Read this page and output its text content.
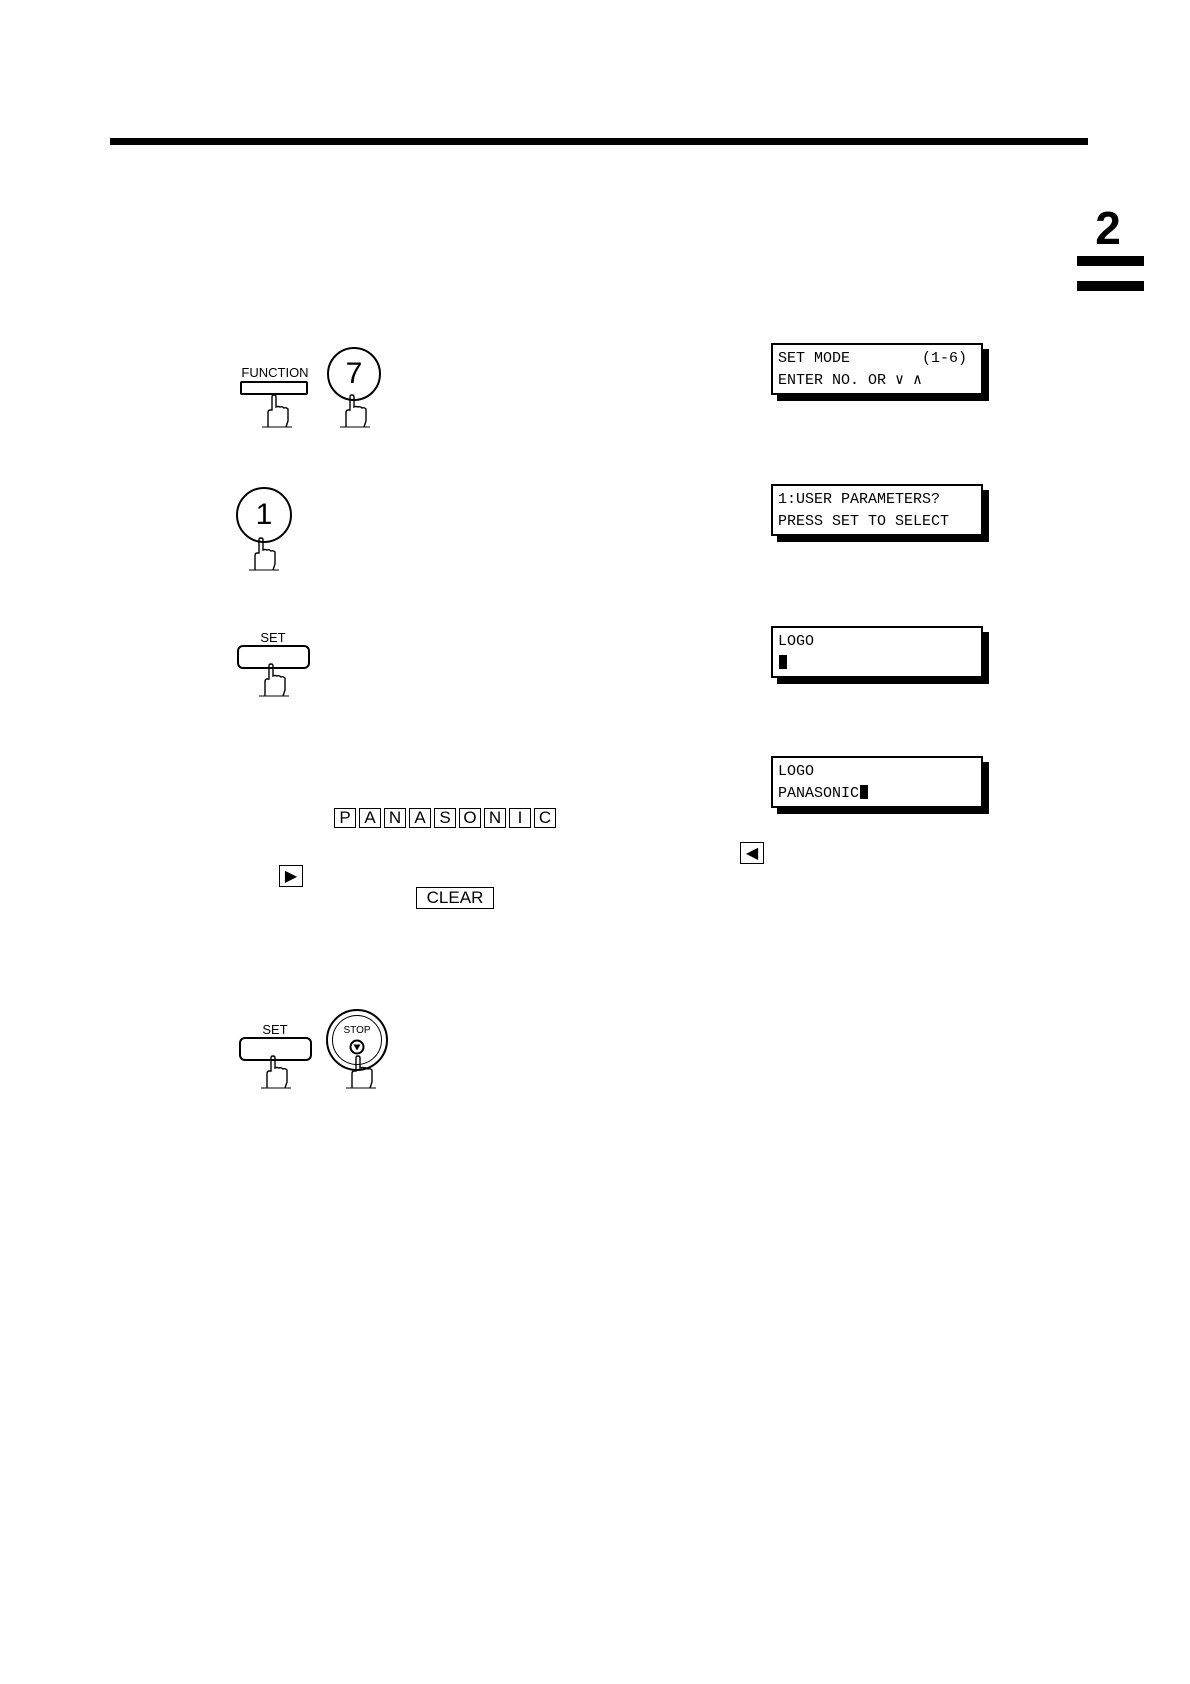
2
FUNCTION	7	SET MODE        (1-6)
ENTER NO. OR ∨ ∧
1	1:USER PARAMETERS?
PRESS SET TO SELECT
SET	LOGO
LOGO
PANASONIC
P A N A S O N I C
◀
▶
CLEAR
SET	STOP
